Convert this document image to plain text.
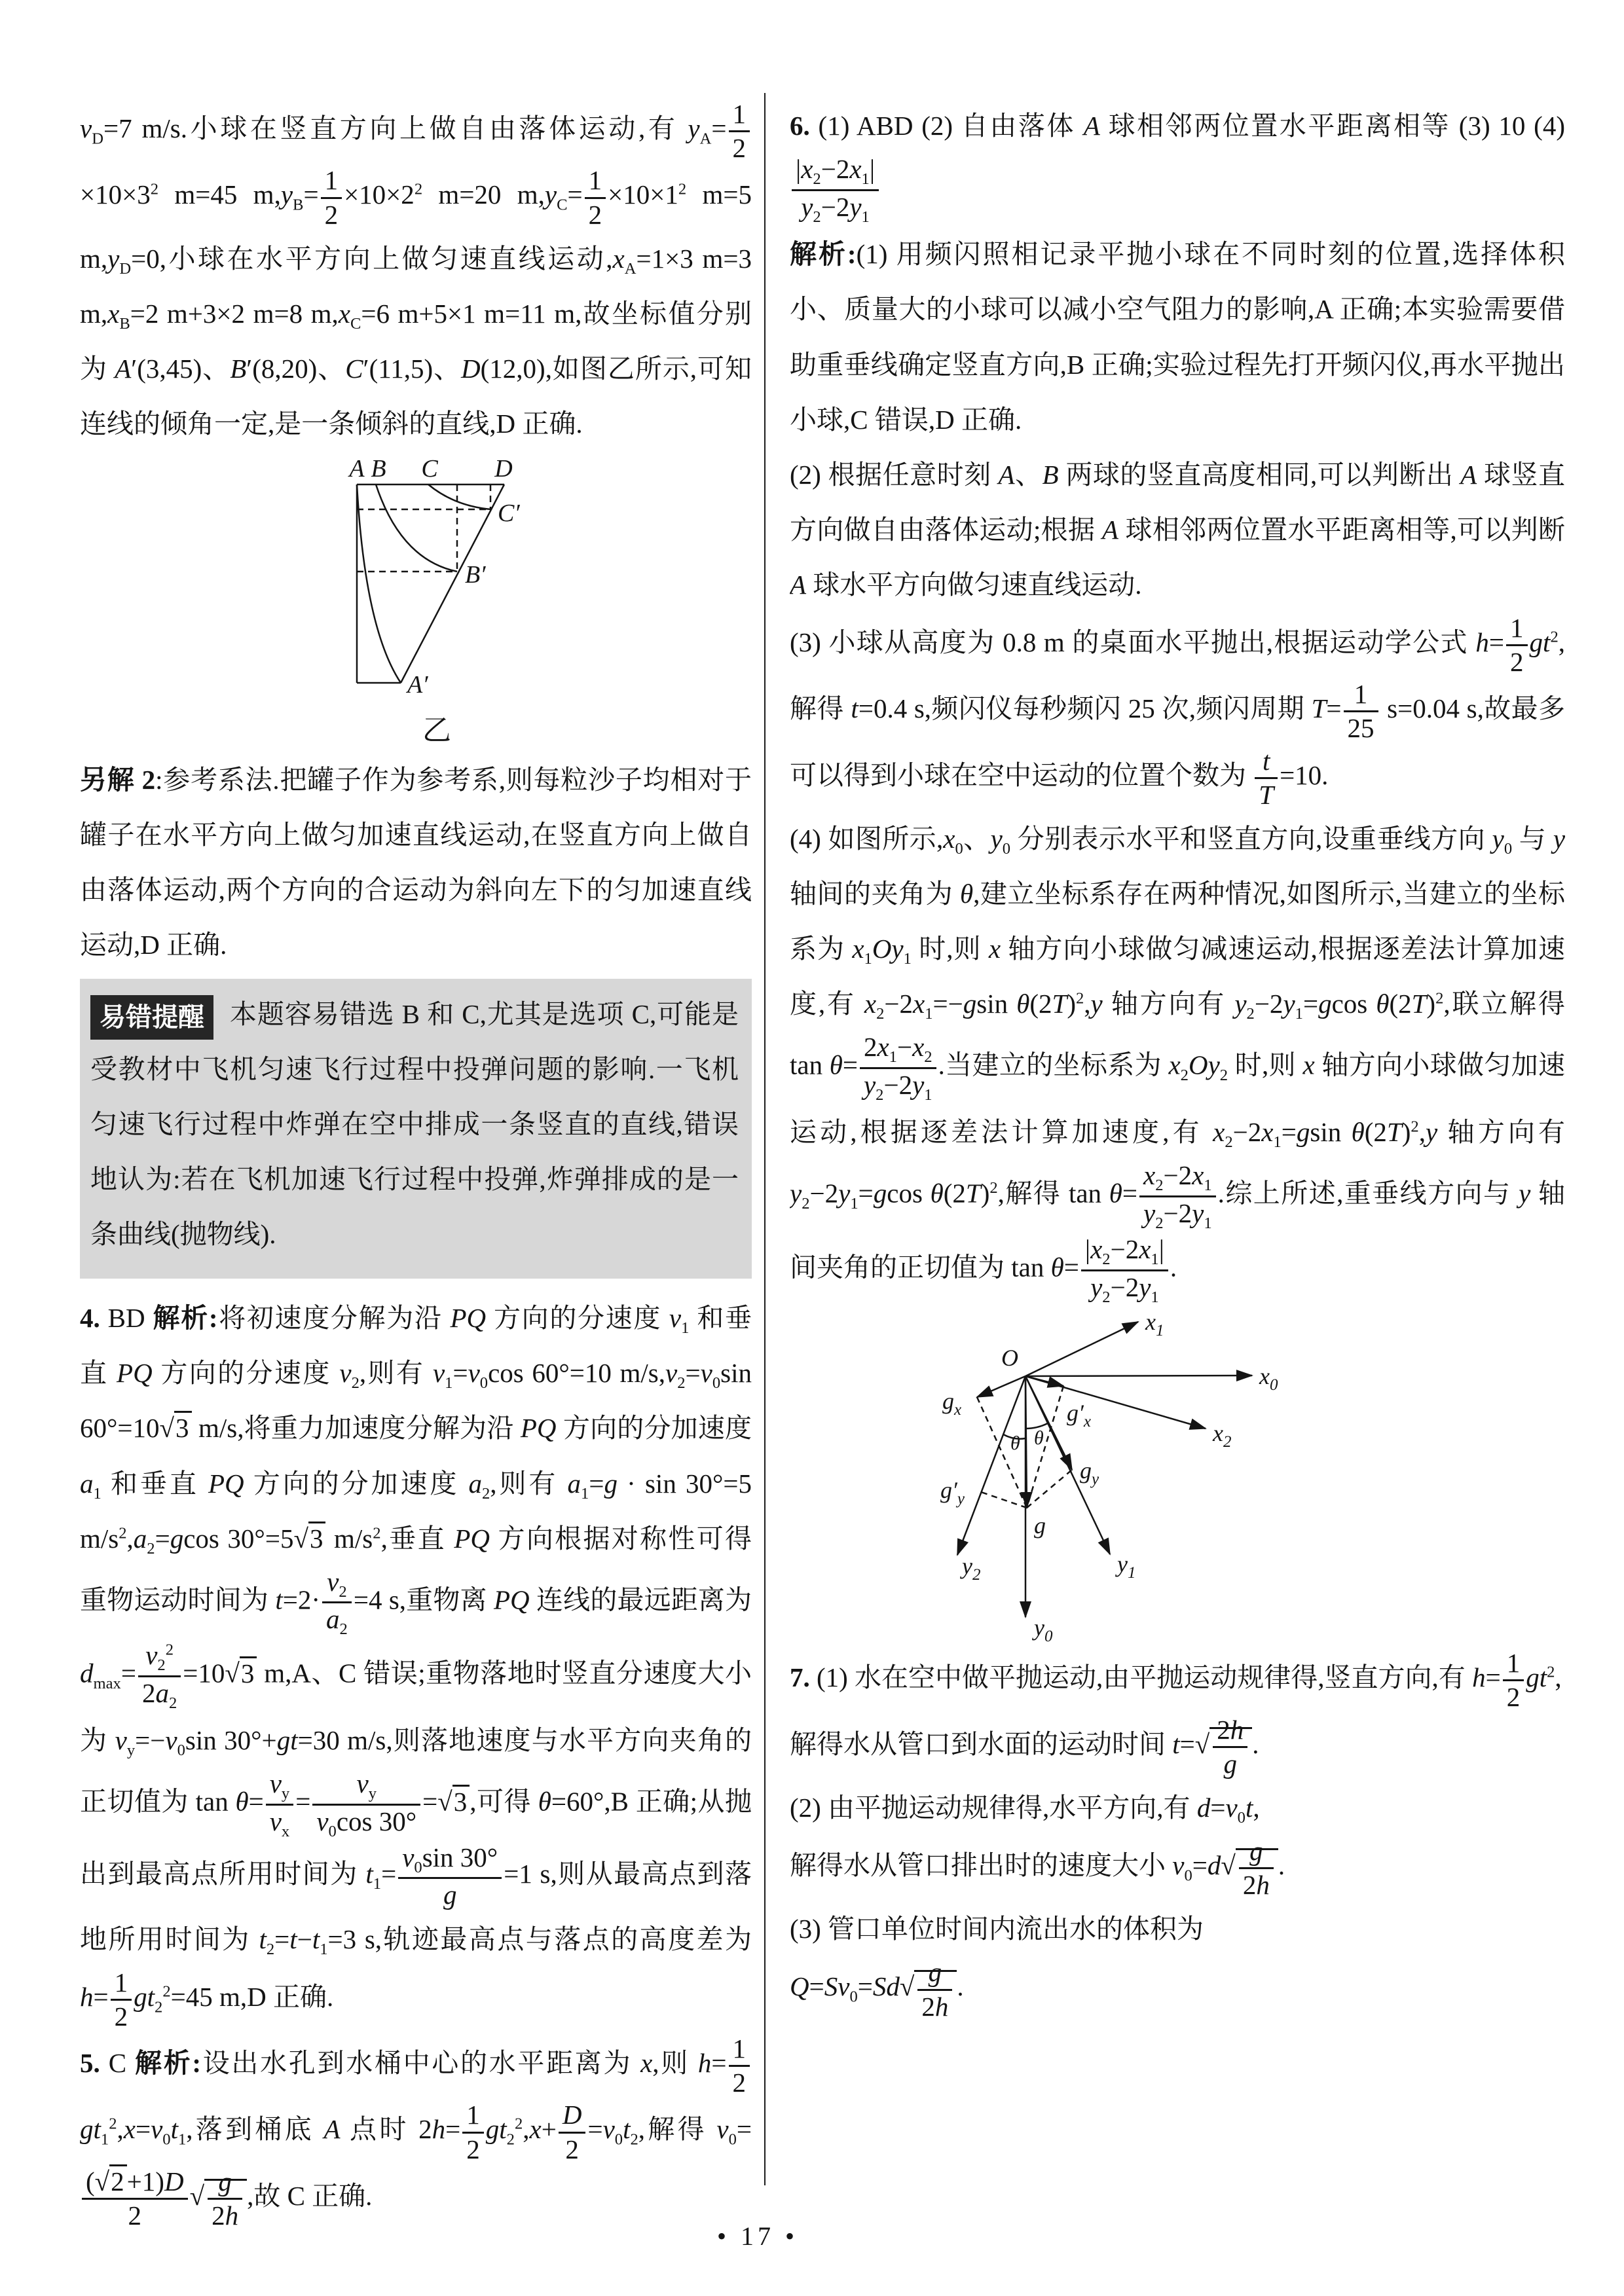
$v_D=7$ m/s.小球在竖直方向上做自由落体运动,有 $y_A= \frac{1}{2}$
$\times 10\times 3^2$ m=45 $m,y_B= \frac{1}{2} \times 10\times 2^2$ m=20 $m,y_C= \frac{1}{2} \times 10\times 1^2$ m=5 $m,y_D=0$,小球在水平方向上做匀速直线运动$,x_A=1\times 3$ m=3 $m,x_B=2$ m+3×2 m=8 $m,x_C=6$ m+5×1 m=11 m,故坐标值分别为 A′(3,45)、B′(8,20)、C′(11,5)、D(12,0),如图乙所示,可知连线的倾角一定,是一条倾斜的直线,D 正确.

A B C D
C′
B′
A′
乙

另解 2:参考系法.把罐子作为参考系,则每粒沙子均相对于罐子在水平方向上做匀加速直线运动,在竖直方向上做自由落体运动,两个方向的合运动为斜向左下的匀加速直线运动,D 正确.

易错提醒 本题容易错选 B 和 C,尤其是选项 C,可能是受教材中飞机匀速飞行过程中投弹问题的影响.一飞机匀速飞行过程中炸弹在空中排成一条竖直的直线,错误地认为:若在飞机加速飞行过程中投弹,炸弹排成的是一条曲线(抛物线).

4. BD 解析:将初速度分解为沿 PQ 方向的分速度 $v_1$ 和垂直 PQ 方向的分速度 $v_2$,则有 $v_1=v_0\cos$ 60°=10 $m/s,v_2=v_0\sin$ 60°=10√3 m/s,将重力加速度分解为沿 PQ 方向的分加速度 $a_1$ 和垂直 PQ 方向的分加速度 $a_2$,则有 $a_1=g \cdot \sin 30^\circ=5$ $m/s^2,a_2=gcos$ 30°=5√3 $m/s^2$,垂直 PQ 方向根据对称性可得重物运动时间为 $t=2\cdot \frac{v_2}{a_2} =4$ s,重物离 PQ 连线的最远距离为 $d_{max}= \frac{v_2^2}{2a_2} =10√3$ m,A、C 错误;重物落地时竖直分速度大小为 $v_y=-v_0\sin$ 30°+gt=30 m/s,则落地速度与水平方向夹角的正切值为 $\tan \theta= \frac{v_y}{v_x} = \frac{v_y}{v_0\cos 30^\circ} =√3$,可得 θ=60°,B 正确;从抛出到最高点所用时间为 $t_1= \frac{v_0\sin 30^\circ}{g} =1$ s,则从最高点到落地所用时间为 $t_2=t-t_1=3$ s,轨迹最高点与落点的高度差为 $h= \frac{1}{2} gt_2^2=45$ m,D 正确.

5. C 解析:设出水孔到水桶中心的水平距离为 x,则 $h= \frac{1}{2}$
$gt_1^2,x=v_0t_1$,落到桶底 A 点时 $2h= \frac{1}{2} gt_2^2,x+ \frac{D}{2} =v_0t_2$,解得 $v_0=$
$\frac{(√2+1)D}{2}$ √ $\frac{g}{2h}$ ,故 C 正确.

6. (1) ABD (2) 自由落体 A 球相邻两位置水平距离相等 (3) 10 (4)
$\frac{|x_2-2x_1|}{y_2-2y_1}$

解析:(1) 用频闪照相记录平抛小球在不同时刻的位置,选择体积小、质量大的小球可以减小空气阻力的影响,A 正确;本实验需要借助重垂线确定竖直方向,B 正确;实验过程先打开频闪仪,再水平抛出小球,C 错误,D 正确.

(2) 根据任意时刻 A、B 两球的竖直高度相同,可以判断出 A 球竖直方向做自由落体运动;根据 A 球相邻两位置水平距离相等,可以判断 A 球水平方向做匀速直线运动.

(3) 小球从高度为 0.8 m 的桌面水平抛出,根据运动学公式 $h= \frac{1}{2} gt^2$,解得 t=0.4 s,频闪仪每秒频闪 25 次,频闪周期 $T= \frac{1}{25} s=0.04$ s,故最多可以得到小球在空中运动的位置个数为 $\frac{t}{T} =10$.

(4) 如图所示$,x_0$、$y_0$ 分别表示水平和竖直方向,设重垂线方向 $y_0$ 与 y 轴间的夹角为 θ,建立坐标系存在两种情况,如图所示,当建立的坐标系为 $x_1Oy_1$ 时,则 x 轴方向小球做匀减速运动,根据逐差法计算加速度,有 $x_2-2x_1=-gsin$ $\theta(2T)^2,y$ 轴方向有 $y_2-2y_1=gcos$ $\theta(2T)^2$,联立解得 $\tan \theta= \frac{2x_1-x_2}{y_2-2y_1}$ .当建立的坐标系为 $x_2Oy_2$ 时,则 x 轴方向小球做匀加速运动,根据逐差法计算加速度,有 $x_2-2x_1=gsin$ $\theta(2T)^2,y$ 轴方向有 $y_2-2y_1=gcos$ $\theta(2T)^2$,解得 $\tan \theta= \frac{x_2-2x_1}{y_2-2y_1}$ .综上所述,重垂线方向与 y 轴间夹角的正切值为 $\tan \theta= \frac{|x_2-2x_1|}{y_2-2y_1}$ .

O
$x_1$
$x_0$
$x_2$
$g_x$	$g'_x$
θ θ
$g_y$
$g'_y$
g
$y_2$	$y_1$
$y_0$

7. (1) 水在空中做平抛运动,由平抛运动规律得,竖直方向,有 $h= \frac{1}{2} gt^2$,

解得水从管口到水面的运动时间 $t=√ \frac{2h}{g}$ .

(2) 由平抛运动规律得,水平方向,有 $d=v_0t$,

解得水从管口排出时的速度大小 $v_0=d√ \frac{g}{2h}$ .

(3) 管口单位时间内流出水的体积为

$Q=Sv_0=Sd√ \frac{g}{2h}$ .

• 17 •
